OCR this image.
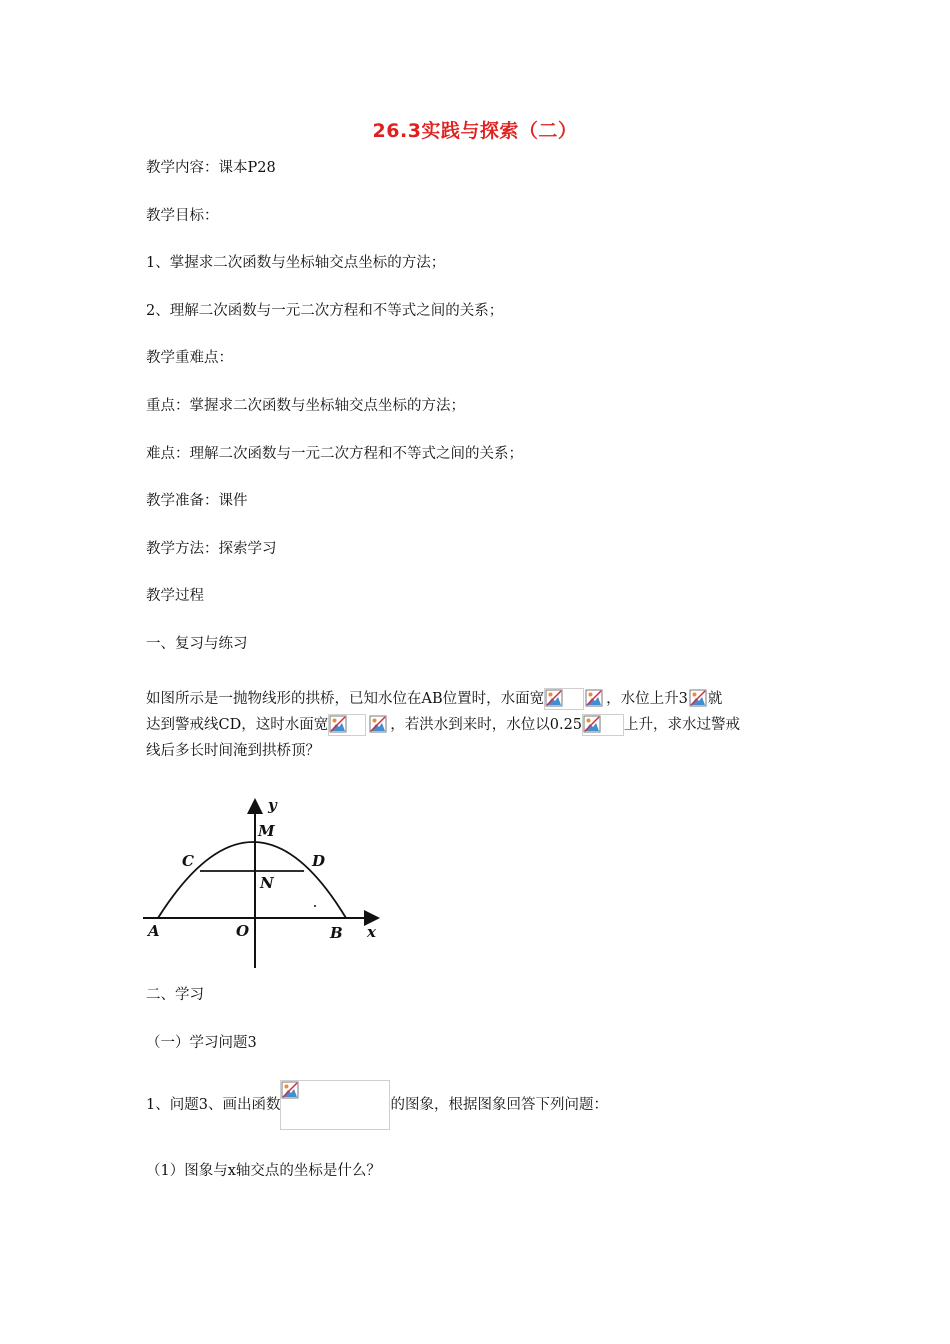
26.3实践与探索（二）
教学内容：课本P28
教学目标：
1、掌握求二次函数与坐标轴交点坐标的方法；
2、理解二次函数与一元二次方程和不等式之间的关系；
教学重难点：
重点：掌握求二次函数与坐标轴交点坐标的方法；
难点：理解二次函数与一元二次方程和不等式之间的关系；
教学准备：课件
教学方法：探索学习
教学过程
一、复习与练习
如图所示是一抛物线形的拱桥，已知水位在AB位置时，水面宽	，水位上升3 就
达到警戒线CD，这时水面宽	，若洪水到来时，水位以0.25	上升，求水过警戒
线后多长时间淹到拱桥顶？
y
M
C	D
N
A	O	B x
二、学习
（一）学习问题3
1、问题3、画出函数	的图象，根据图象回答下列问题：
（1）图象与x轴交点的坐标是什么？
